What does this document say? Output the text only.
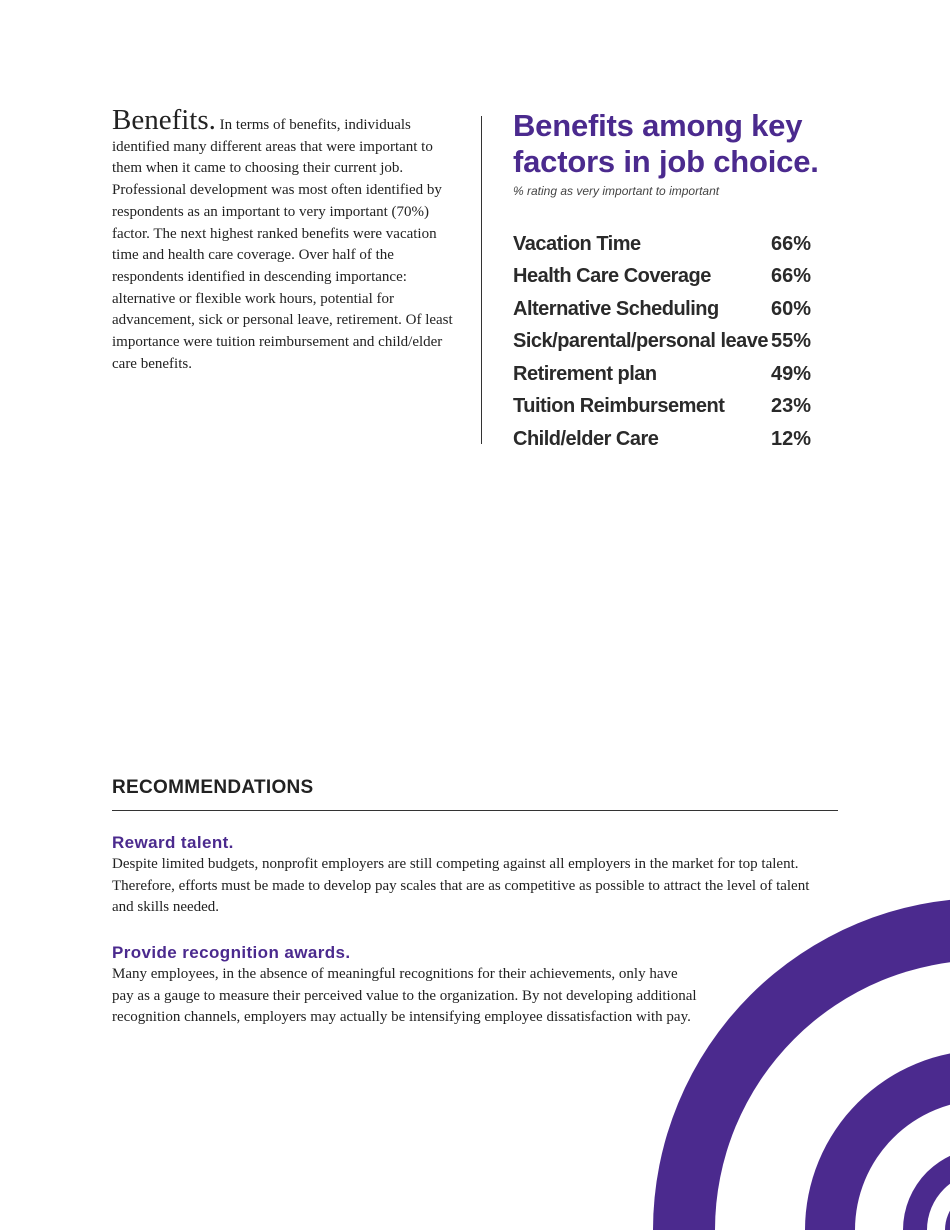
Benefits. In terms of benefits, individuals identified many different areas that were important to them when it came to choosing their current job. Professional development was most often identified by respondents as an important to very important (70%) factor. The next highest ranked benefits were vacation time and health care coverage. Over half of the respondents identified in descending importance: alternative or flexible work hours, potential for advancement, sick or personal leave, retirement. Of least importance were tuition reimbursement and child/elder care benefits.
Benefits among key
factors in job choice.
% rating as very important to important
Vacation Time	66%
Health Care Coverage	66%
Alternative Scheduling	60%
Sick/parental/personal leave 55%
Retirement plan	49%
Tuition Reimbursement 23%
Child/elder Care	12%
RECOMMENDATIONS
Reward talent.

Despite limited budgets, nonprofit employers are still competing against all employers in the market for top talent. Therefore, efforts must be made to develop pay scales that are as competitive as possible to attract the level of talent and skills needed.

Provide recognition awards.

Many employees, in the absence of meaningful recognitions for their achievements, only have pay as a gauge to measure their perceived value to the organization. By not developing additional recognition channels, employers may actually be intensifying employee dissatisfaction with pay.
